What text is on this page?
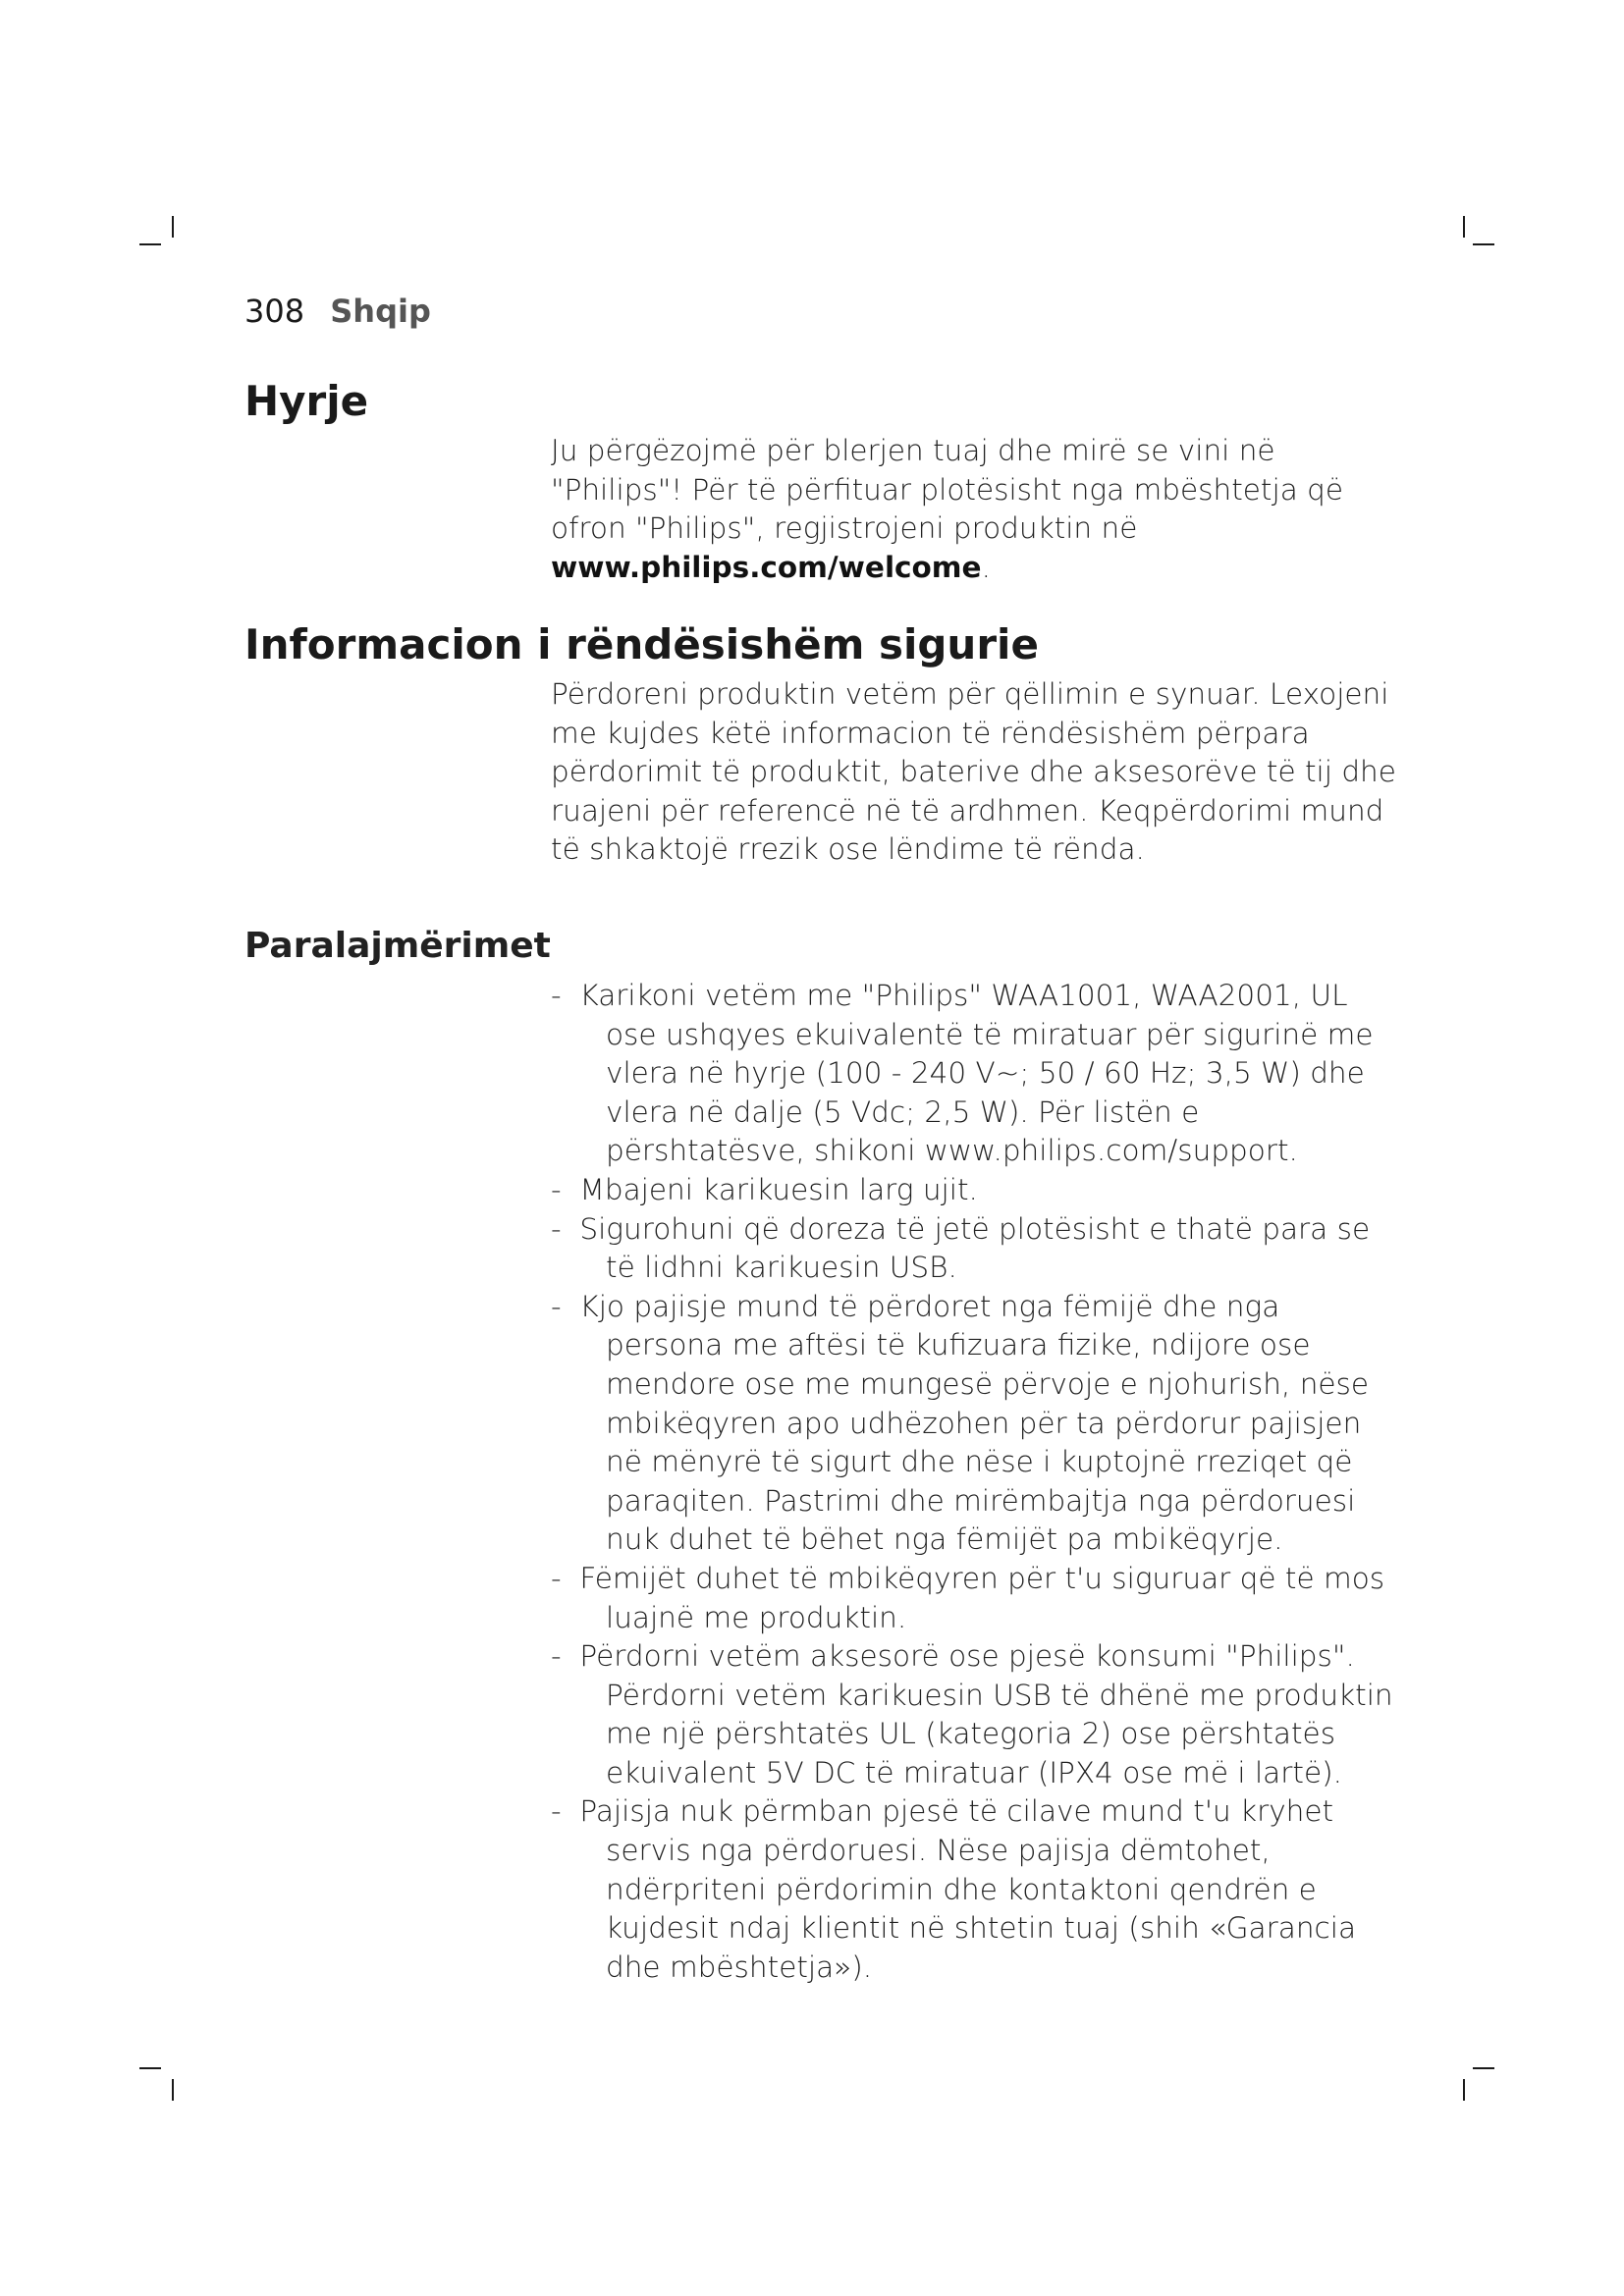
308 Shqip
Hyrje

Ju përgëzojmë për blerjen tuaj dhe mirë se vini në "Philips"! Për të përfituar plotësisht nga mbështetja që ofron "Philips", regjistrojeni produktin në www.philips.com/welcome.

Informacion i rëndësishëm sigurie

Përdoreni produktin vetëm për qëllimin e synuar. Lexojeni me kujdes këtë informacion të rëndësishëm përpara përdorimit të produktit, baterive dhe aksesorëve të tij dhe ruajeni për referencë në të ardhmen. Keqpërdorimi mund të shkaktojë rrezik ose lëndime të rënda.

Paralajmërimet
- Karikoni vetëm me "Philips" WAA1001, WAA2001, UL ose ushqyes ekuivalentë të miratuar për sigurinë me vlera në hyrje (100 - 240 V~; 50 / 60 Hz; 3,5 W) dhe vlera në dalje (5 Vdc; 2,5 W). Për listën e përshtatësve, shikoni www.philips.com/support.
- Mbajeni karikuesin larg ujit.
- Sigurohuni që doreza të jetë plotësisht e thatë para se të lidhni karikuesin USB.
- Kjo pajisje mund të përdoret nga fëmijë dhe nga persona me aftësi të kufizuara fizike, ndijore ose mendore ose me mungesë përvoje e njohurish, nëse mbikëqyren apo udhëzohen për ta përdorur pajisjen në mënyrë të sigurt dhe nëse i kuptojnë rreziqet që paraqiten. Pastrimi dhe mirëmbajtja nga përdoruesi nuk duhet të bëhet nga fëmijët pa mbikëqyrje.
- Fëmijët duhet të mbikëqyren për t'u siguruar që të mos luajnë me produktin.
- Përdorni vetëm aksesorë ose pjesë konsumi "Philips". Përdorni vetëm karikuesin USB të dhënë me produktin me një përshtatës UL (kategoria 2) ose përshtatës ekuivalent 5V DC të miratuar (IPX4 ose më i lartë).
- Pajisja nuk përmban pjesë të cilave mund t'u kryhet servis nga përdoruesi. Nëse pajisja dëmtohet, ndërpriteni përdorimin dhe kontaktoni qendrën e kujdesit ndaj klientit në shtetin tuaj (shih «Garancia dhe mbështetja»).
